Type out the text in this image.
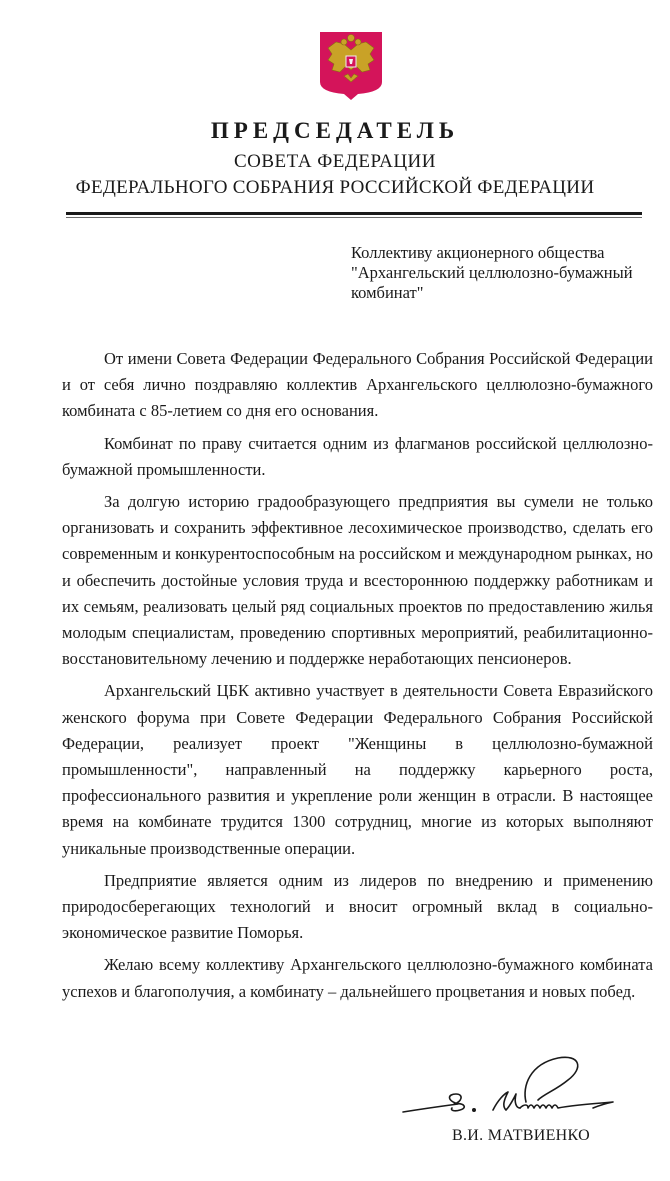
ПРЕДСЕДАТЕЛЬ
СОВЕТА ФЕДЕРАЦИИ
ФЕДЕРАЛЬНОГО СОБРАНИЯ РОССИЙСКОЙ ФЕДЕРАЦИИ
Коллективу акционерного общества
"Архангельский целлюлозно-бумажный
комбинат"

От имени Совета Федерации Федерального Собрания Российской Федерации и от себя лично поздравляю коллектив Архангельского целлюлозно-бумажного комбината с 85-летием со дня его основания.

Комбинат по праву считается одним из флагманов российской целлюлозно-бумажной промышленности.

За долгую историю градообразующего предприятия вы сумели не только организовать и сохранить эффективное лесохимическое производство, сделать его современным и конкурентоспособным на российском и международном рынках, но и обеспечить достойные условия труда и всестороннюю поддержку работникам и их семьям, реализовать целый ряд социальных проектов по предоставлению жилья молодым специалистам, проведению спортивных мероприятий, реабилитационно-восстановительному лечению и поддержке неработающих пенсионеров.

Архангельский ЦБК активно участвует в деятельности Совета Евразийского женского форума при Совете Федерации Федерального Собрания Российской Федерации, реализует проект "Женщины в целлюлозно-бумажной промышленности", направленный на поддержку карьерного роста, профессионального развития и укрепление роли женщин в отрасли. В настоящее время на комбинате трудится 1300 сотрудниц, многие из которых выполняют уникальные производственные операции.

Предприятие является одним из лидеров по внедрению и применению природосберегающих технологий и вносит огромный вклад в социально-экономическое развитие Поморья.

Желаю всему коллективу Архангельского целлюлозно-бумажного комбината успехов и благополучия, а комбинату – дальнейшего процветания и новых побед.

В.И. МАТВИЕНКО
